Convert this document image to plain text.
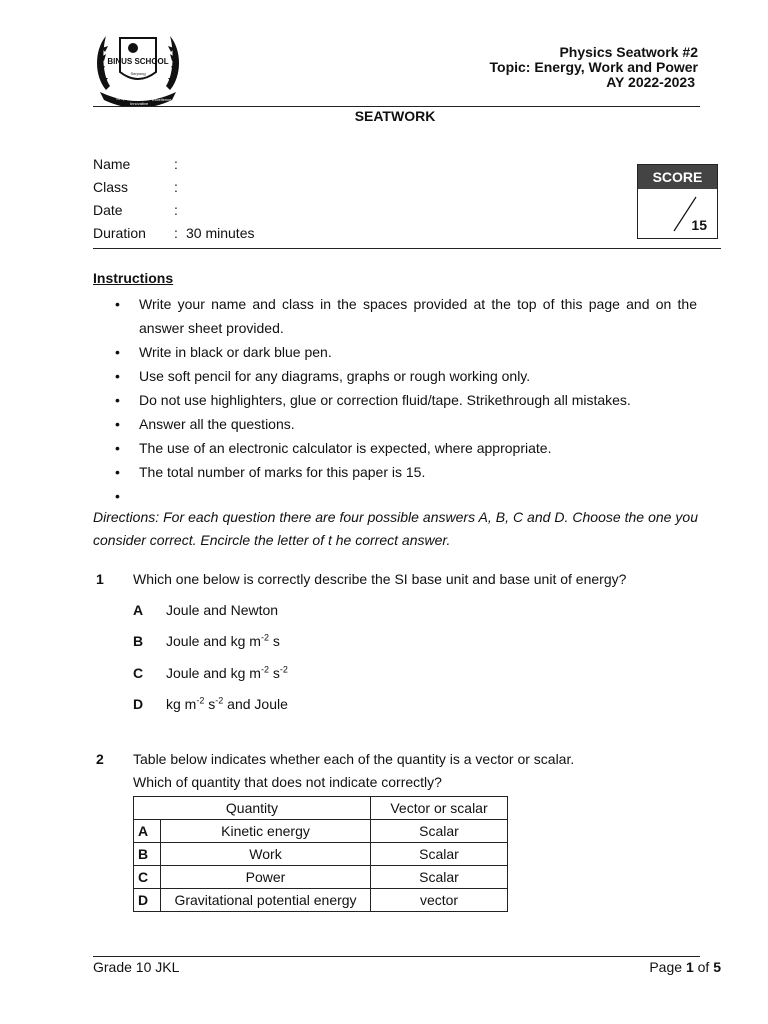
BINUS SCHOOL
Serpong
Simple
Innovative
Excellence
Physics Seatwork #2
Topic: Energy, Work and Power
AY 2022-2023
SEATWORK
Name	:
Class	:
Date	:
Duration : 30 minutes
SCORE
15
Instructions
• Write your name and class in the spaces provided at the top of this page and on the answer sheet provided.
• Write in black or dark blue pen.
• Use soft pencil for any diagrams, graphs or rough working only.
• Do not use highlighters, glue or correction fluid/tape. Strikethrough all mistakes.
• Answer all the questions.
• The use of an electronic calculator is expected, where appropriate.
• The total number of marks for this paper is 15.
•
Directions: For each question there are four possible answers A, B, C and D. Choose the one you consider correct. Encircle the letter of t he correct answer.
1 Which one below is correctly describe the SI base unit and base unit of energy?
A Joule and Newton
B Joule and kg $m^{-2}$ s
C Joule and kg $m^{-2}$ $s^{-2}$
D kg $m^{-2}$ $s^{-2}$ and Joule
2 Table below indicates whether each of the quantity is a vector or scalar.
Which of quantity that does not indicate correctly?
Quantity		Vector or scalar
A	Kinetic energy	Scalar
B	Work	Scalar
C	Power	Scalar
D	Gravitational potential energy	vector
Grade 10 JKL	Page 1 of 5
